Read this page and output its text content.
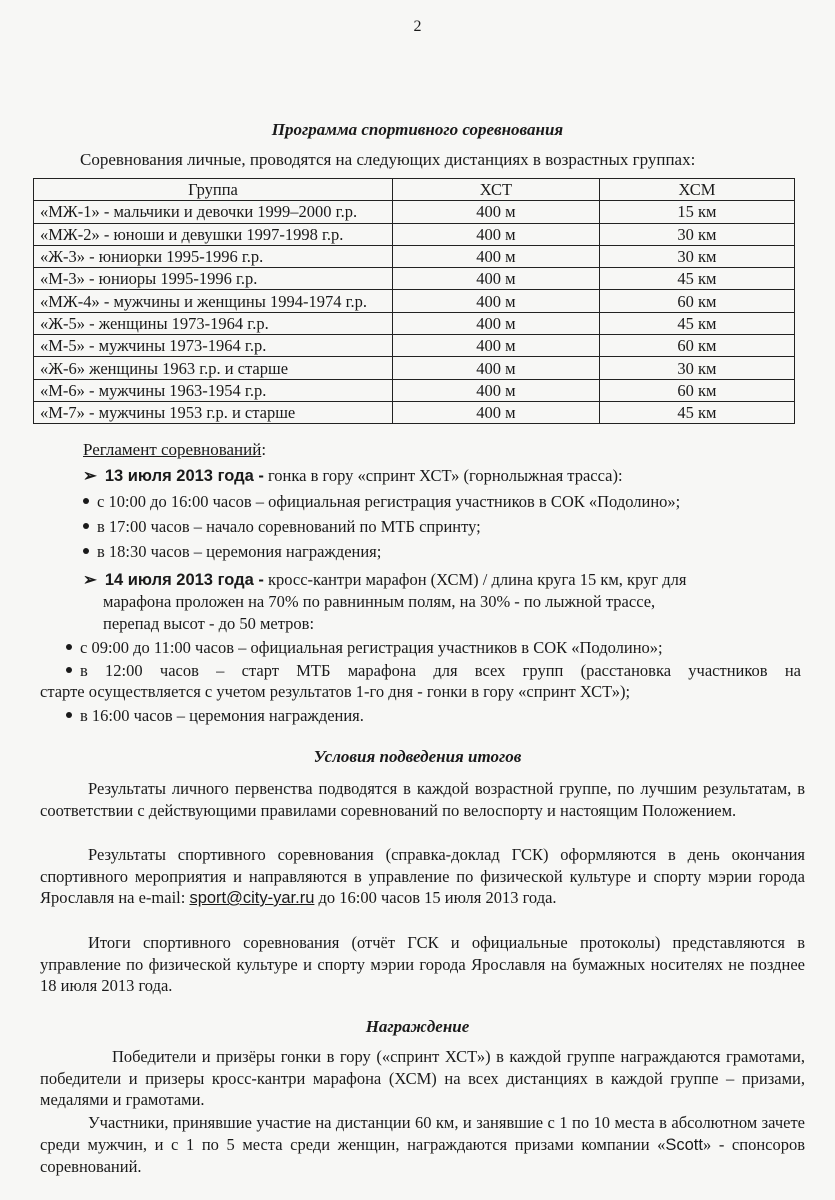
2
Программа спортивного соревнования
Соревнования личные, проводятся на следующих дистанциях в возрастных группах:
Группа	ХСТ	ХСМ
«МЖ-1» - мальчики и девочки 1999–2000 г.р.	400 м	15 км
«МЖ-2» - юноши и девушки 1997-1998 г.р.	400 м	30 км
«Ж-3» - юниорки 1995-1996 г.р.	400 м	30 км
«М-3» - юниоры 1995-1996 г.р.	400 м	45 км
«МЖ-4» - мужчины и женщины 1994-1974 г.р.	400 м	60 км
«Ж-5» - женщины 1973-1964 г.р.	400 м	45 км
«М-5» - мужчины 1973-1964 г.р.	400 м	60 км
«Ж-6» женщины 1963 г.р. и старше	400 м	30 км
«М-6» - мужчины 1963-1954 г.р.	400 м	60 км
«М-7» - мужчины 1953 г.р. и старше	400 м	45 км
Регламент соревнований:
➢ 13 июля 2013 года - гонка в гору «спринт ХСТ» (горнолыжная трасса):
с 10:00 до 16:00 часов – официальная регистрация участников в СОК «Подолино»;
в 17:00 часов – начало соревнований по МТБ спринту;
в 18:30 часов – церемония награждения;
➢ 14 июля 2013 года - кросс-кантри марафон (ХСМ) / длина круга 15 км, круг для
марафона проложен на 70% по равнинным полям, на 30% - по лыжной трассе,
перепад высот - до 50 метров:
с 09:00 до 11:00 часов – официальная регистрация участников в СОК «Подолино»;
в 12:00 часов – старт МТБ марафона для всех групп (расстановка участников на
старте осуществляется с учетом результатов 1-го дня - гонки в гору «спринт ХСТ»);
в 16:00 часов – церемония награждения.
Условия подведения итогов
Результаты личного первенства подводятся в каждой возрастной группе, по лучшим результатам, в соответствии с действующими правилами соревнований по велоспорту и настоящим Положением.
Результаты спортивного соревнования (справка-доклад ГСК) оформляются в день окончания спортивного мероприятия и направляются в управление по физической культуре и спорту мэрии города Ярославля на e-mail: sport@city-yar.ru до 16:00 часов 15 июля 2013 года.
Итоги спортивного соревнования (отчёт ГСК и официальные протоколы) представляются в управление по физической культуре и спорту мэрии города Ярославля на бумажных носителях не позднее 18 июля 2013 года.
Награждение
Победители и призёры гонки в гору («спринт ХСТ») в каждой группе награждаются грамотами, победители и призеры кросс-кантри марафона (ХСМ) на всех дистанциях в каждой группе – призами, медалями и грамотами.
Участники, принявшие участие на дистанции 60 км, и занявшие с 1 по 10 места в абсолютном зачете среди мужчин, и с 1 по 5 места среди женщин, награждаются призами компании «Scott» - спонсоров соревнований.
